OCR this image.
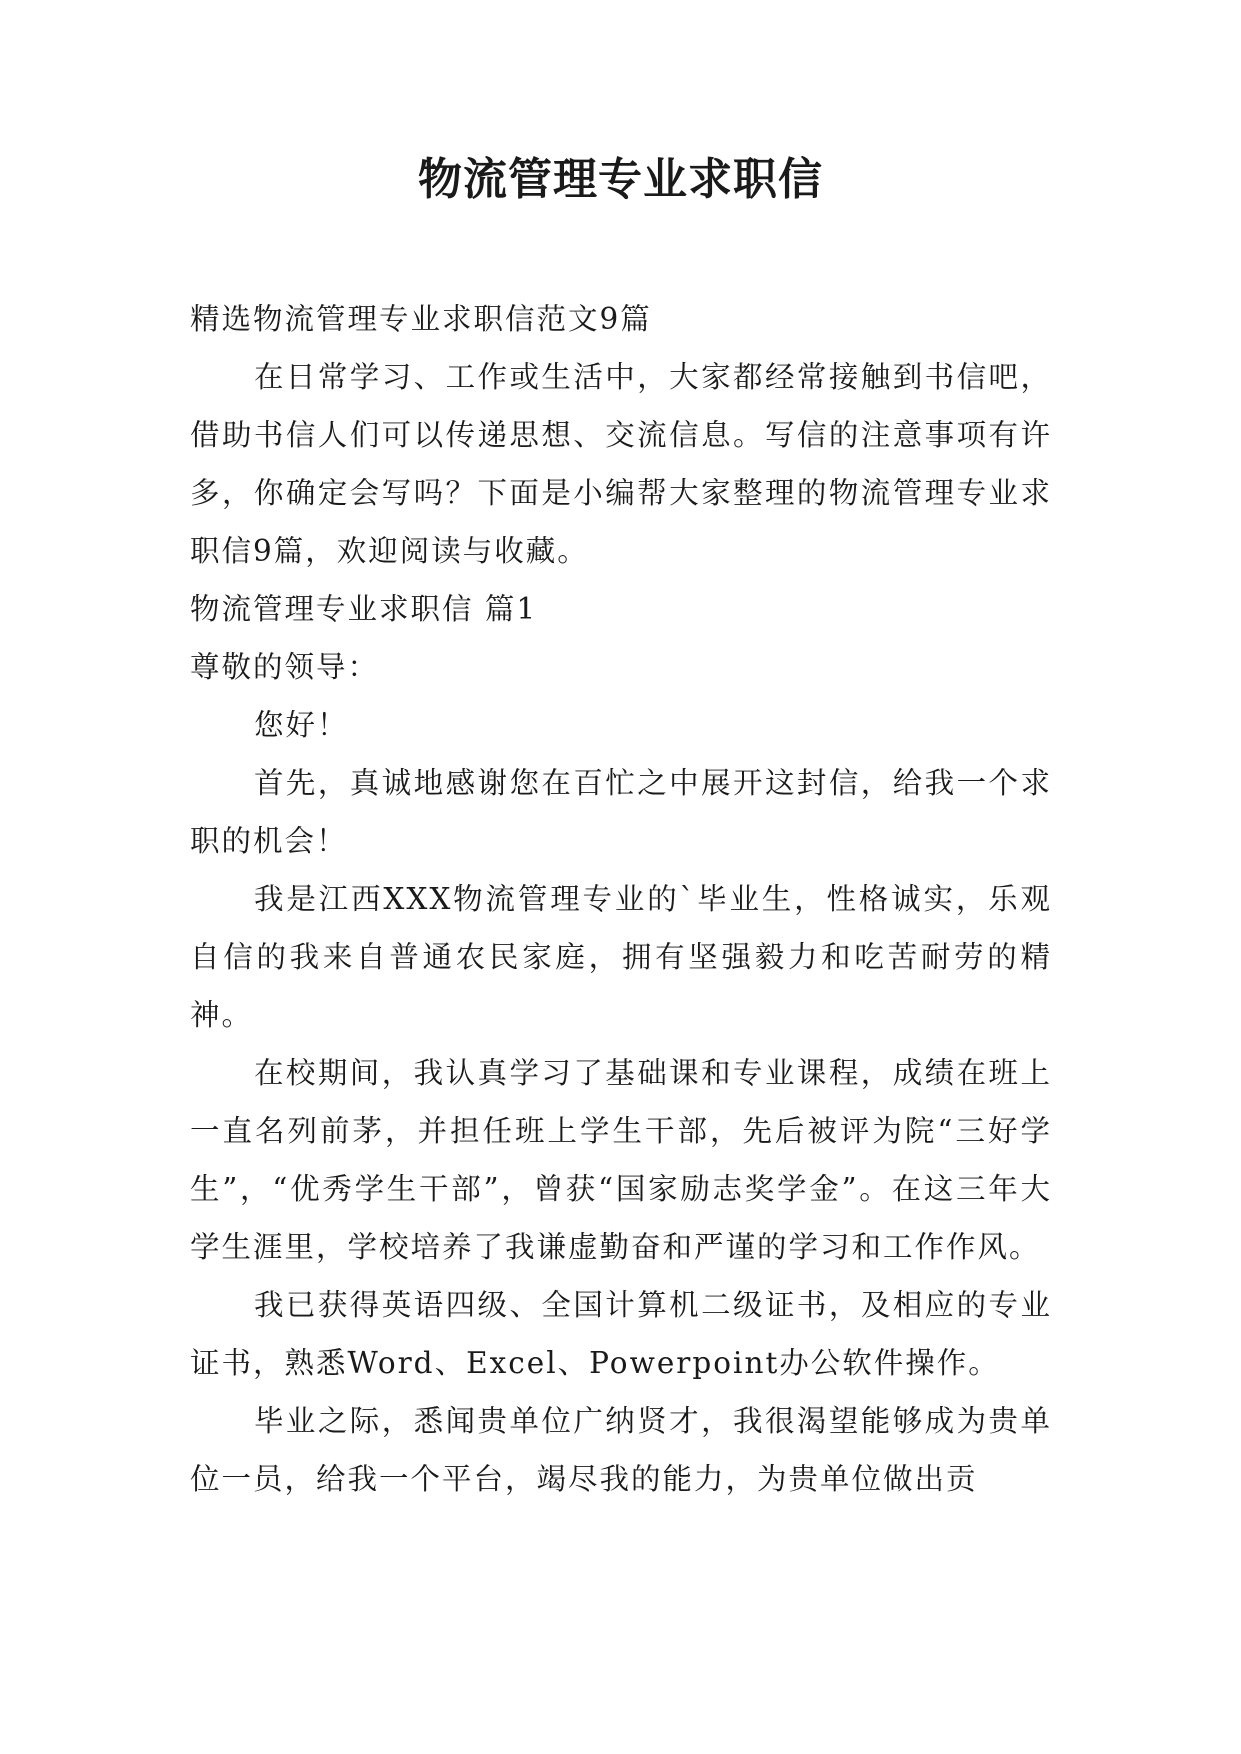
物流管理专业求职信

精选物流管理专业求职信范文9篇

在日常学习、工作或生活中，大家都经常接触到书信吧，借助书信人们可以传递思想、交流信息。写信的注意事项有许多，你确定会写吗？下面是小编帮大家整理的物流管理专业求职信9篇，欢迎阅读与收藏。

物流管理专业求职信 篇1

尊敬的领导：

您好！

首先，真诚地感谢您在百忙之中展开这封信，给我一个求职的机会！

我是江西XXX物流管理专业的`毕业生，性格诚实，乐观自信的我来自普通农民家庭，拥有坚强毅力和吃苦耐劳的精神。

在校期间，我认真学习了基础课和专业课程，成绩在班上一直名列前茅，并担任班上学生干部，先后被评为院“三好学生”，“优秀学生干部”，曾获“国家励志奖学金”。在这三年大学生涯里，学校培养了我谦虚勤奋和严谨的学习和工作作风。

我已获得英语四级、全国计算机二级证书，及相应的专业证书，熟悉Word、Excel、Powerpoint办公软件操作。

毕业之际，悉闻贵单位广纳贤才，我很渴望能够成为贵单位一员，给我一个平台，竭尽我的能力，为贵单位做出贡
